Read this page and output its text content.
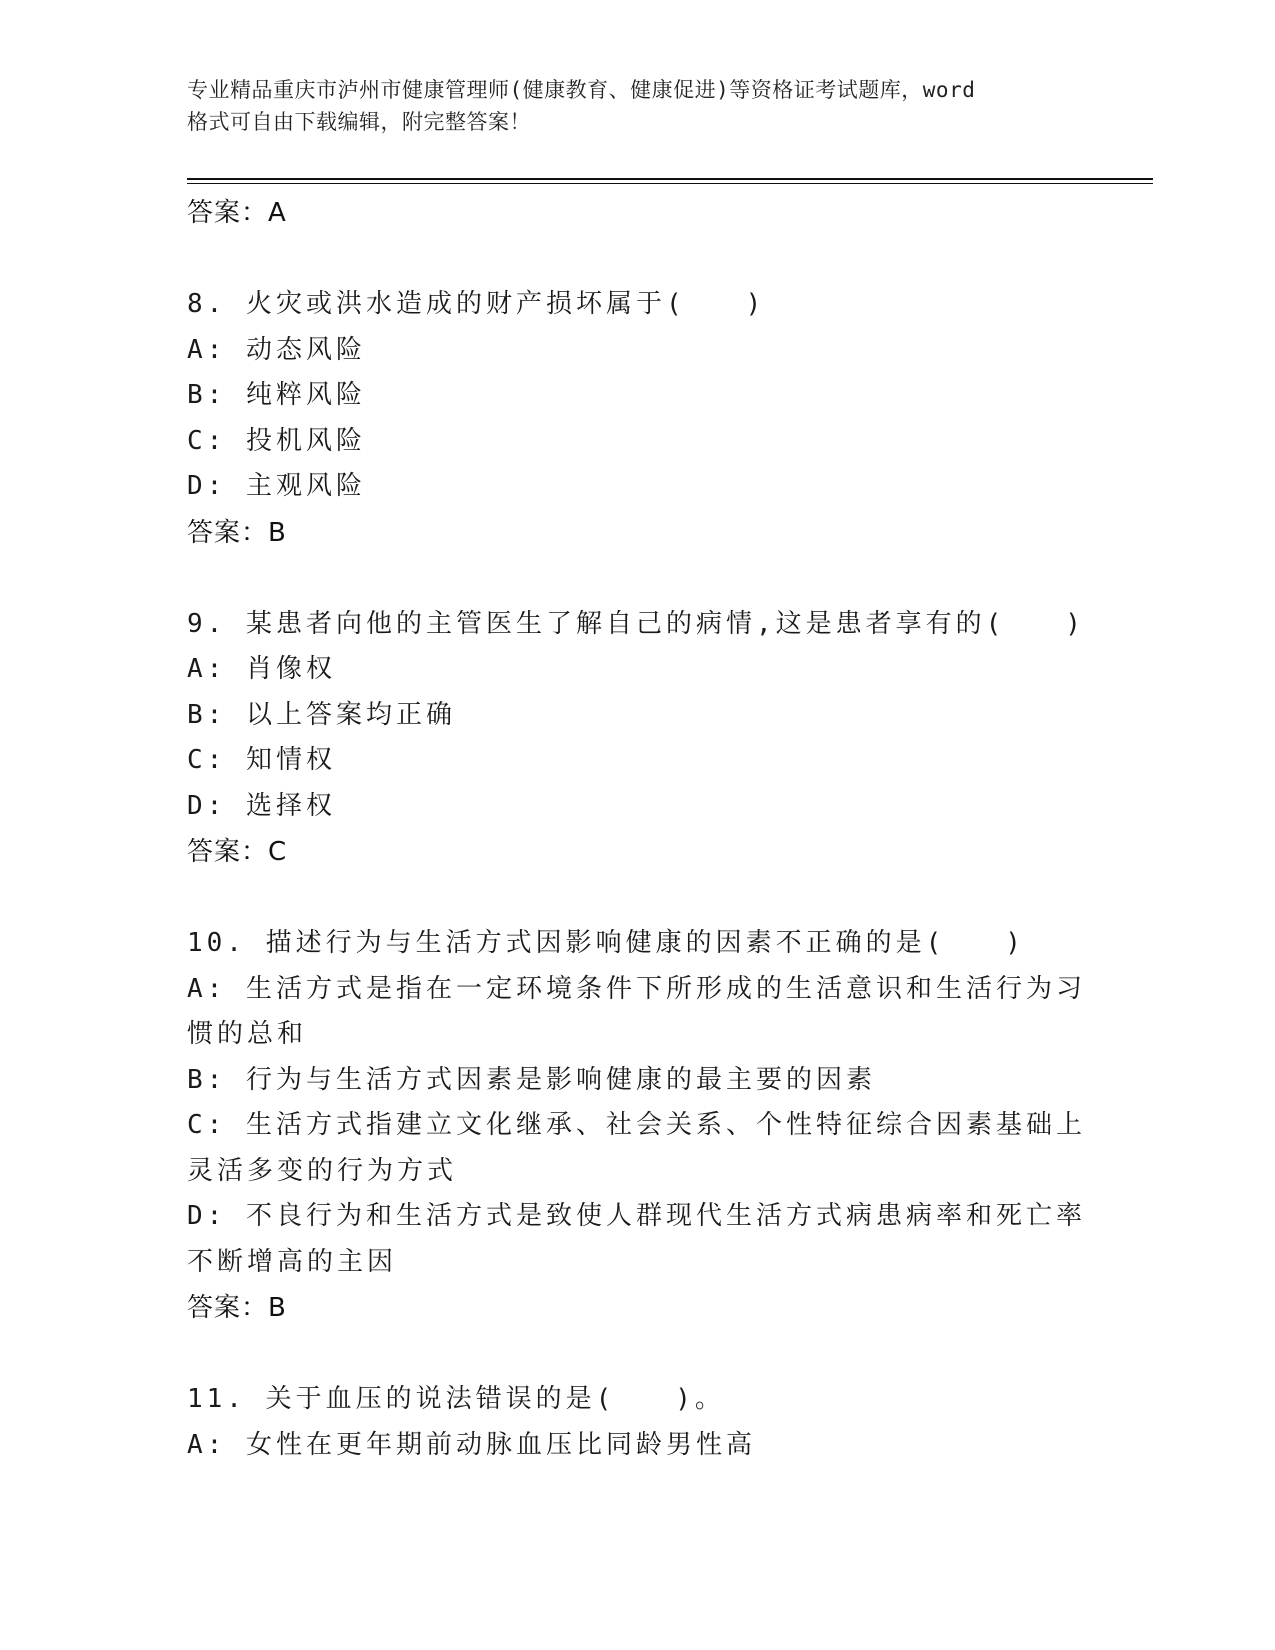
专业精品重庆市泸州市健康管理师(健康教育、健康促进)等资格证考试题库，word
格式可自由下载编辑，附完整答案！
答案：A
8. 火灾或洪水造成的财产损坏属于(　　)
A: 动态风险
B: 纯粹风险
C: 投机风险
D: 主观风险
答案：B
9. 某患者向他的主管医生了解自己的病情,这是患者享有的(　　)
A: 肖像权
B: 以上答案均正确
C: 知情权
D: 选择权
答案：C
10. 描述行为与生活方式因影响健康的因素不正确的是(　　)
A: 生活方式是指在一定环境条件下所形成的生活意识和生活行为习惯的总和
B: 行为与生活方式因素是影响健康的最主要的因素
C: 生活方式指建立文化继承、社会关系、个性特征综合因素基础上灵活多变的行为方式
D: 不良行为和生活方式是致使人群现代生活方式病患病率和死亡率不断增高的主因
答案：B
11. 关于血压的说法错误的是(　　)。
A: 女性在更年期前动脉血压比同龄男性高
